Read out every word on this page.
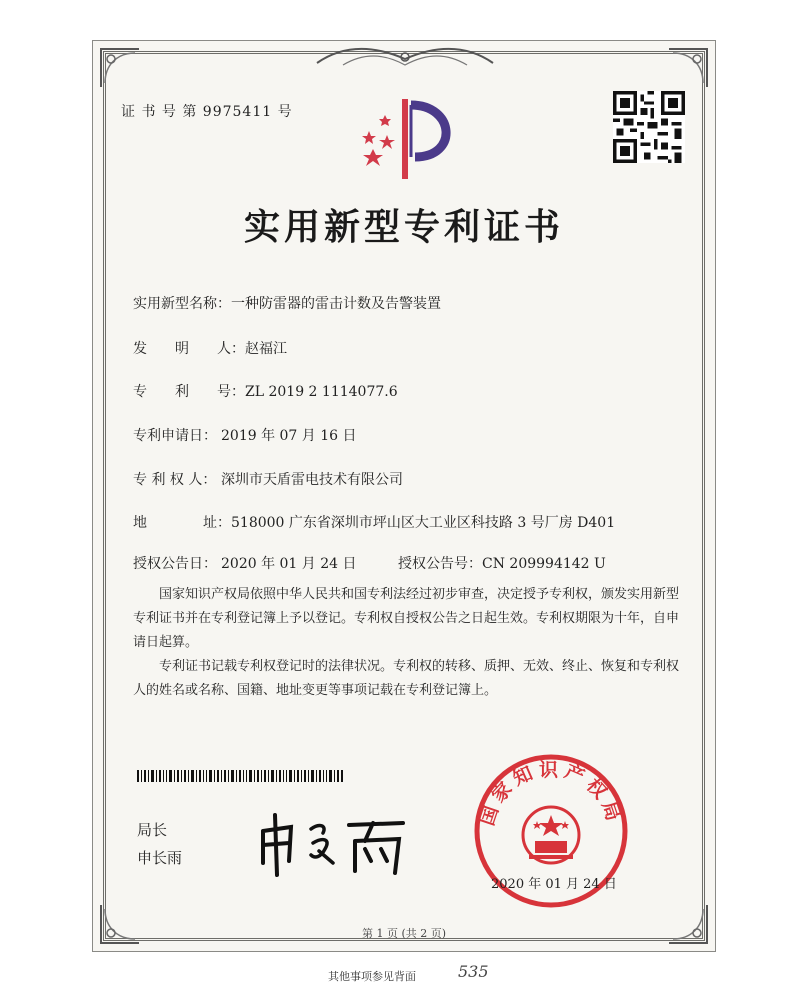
证 书 号 第 9975411 号
实用新型专利证书
实用新型名称：一种防雷器的雷击计数及告警装置
发　　明　　人：赵福江
专　　利　　号：ZL 2019 2 1114077.6
专利申请日： 2019 年 07 月 16 日
专 利 权 人： 深圳市天盾雷电技术有限公司
地　　　　址：518000 广东省深圳市坪山区大工业区科技路 3 号厂房 D401
授权公告日： 2020 年 01 月 24 日	授权公告号：CN 209994142 U
国家知识产权局依照中华人民共和国专利法经过初步审查，决定授予专利权，颁发实用新型专利证书并在专利登记簿上予以登记。专利权自授权公告之日起生效。专利权期限为十年，自申请日起算。
专利证书记载专利权登记时的法律状况。专利权的转移、质押、无效、终止、恢复和专利权人的姓名或名称、国籍、地址变更等事项记载在专利登记簿上。
局长
申长雨
国家知识产权局
2020 年 01 月 24 日
第 1 页 (共 2 页)
其他事项参见背面	535
